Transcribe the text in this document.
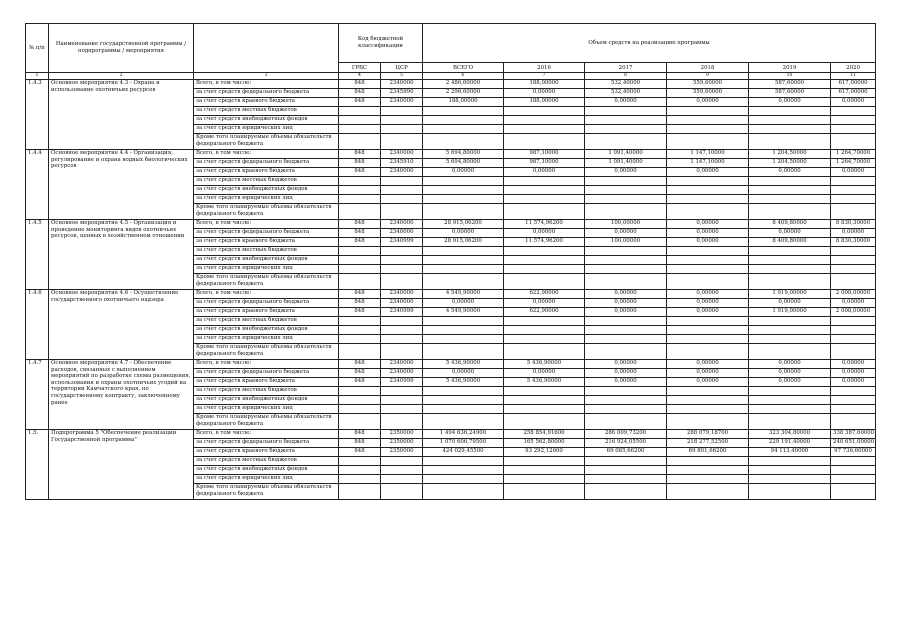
№ п/п	Наименование государственной программы / подпрограммы / мероприятия		Код бюджетной классификации		Объем средств на реализацию программы					
			ГРБС	ЦСР	ВСЕГО	2016	2017	2018	2019	2020
1	2	3	4	5	6	7	8	9	10	11
1.4.3	Основное мероприятие 4.3 - Охрана и использование охотничьих ресурсов	Всего, в том числе:	848	2340000	2 486,60000	188,00000	532,40000	559,60000	587,60000	617,00000
		за счет средств федерального бюджета	848	2345990	2 296,60000	0,00000	532,40000	559,60000	587,60000	617,00000
		за счет средств краевого бюджета	848	2340000	188,00000	188,00000	0,00000	0,00000	0,00000	0,00000
		за счет средств местных бюджетов								
		за счет средств внебюджетных фондов								
		за счет средств юридических лиц								
		Кроме того планируемые объемы обязательств федерального бюджета								
1.4.4	Основное мероприятие 4.4 - Организация, регулирование и охрана водных биологических ресурсов	Всего, в том числе:	848	2340000	5 694,80000	987,10000	1 091,40000	1 147,10000	1 204,50000	1 264,70000
		за счет средств федерального бюджета	848	2345910	5 694,80000	987,10000	1 091,40000	1 147,10000	1 204,50000	1 264,70000
		за счет средств краевого бюджета	848	2340000	0,00000	0,00000	0,00000	0,00000	0,00000	0,00000
		за счет средств местных бюджетов								
		за счет средств внебюджетных фондов								
		за счет средств юридических лиц								
		Кроме того планируемые объемы обязательств федерального бюджета								
1.4.5	Основное мероприятие 4.5 - Организация и проведение мониторинга видов охотничьих ресурсов, ценных в хозяйственном отношении	Всего, в том числе:	848	2340000	28 915,06200	11 574,96200	100,00000	0,00000	8 409,80000	8 830,30000
		за счет средств федерального бюджета	848	2340000	0,00000	0,00000	0,00000	0,00000	0,00000	0,00000
		за счет средств краевого бюджета	848	2340999	28 915,06200	11 574,96200	100,00000	0,00000	8 409,80000	8 830,30000
		за счет средств местных бюджетов								
		за счет средств внебюджетных фондов								
		за счет средств юридических лиц								
		Кроме того планируемые объемы обязательств федерального бюджета								
1.4.6	Основное мероприятие 4.6 - Осуществление государственного охотничьего надзора	Всего, в том числе:	848	2340000	4 549,90000	622,90000	0,00000	0,00000	1 919,00000	2 008,00000
		за счет средств федерального бюджета	848	2340000	0,00000	0,00000	0,00000	0,00000	0,00000	0,00000
		за счет средств краевого бюджета	848	2340999	4 549,90000	622,90000	0,00000	0,00000	1 919,00000	2 008,00000
		за счет средств местных бюджетов								
		за счет средств внебюджетных фондов								
		за счет средств юридических лиц								
		Кроме того планируемые объемы обязательств федерального бюджета								
1.4.7	Основное мероприятие 4.7 - Обеспечение расходов, связанных с выполнением мероприятий по разработке схемы размещения, использования и охраны охотничьих угодий на территории Камчатского края, по государственному контракту, заключенному ранее	Всего, в том числе:	848	2340000	5 436,90000	5 436,90000	0,00000	0,00000	0,00000	0,00000
		за счет средств федерального бюджета	848	2340000	0,00000	0,00000	0,00000	0,00000	0,00000	0,00000
		за счет средств краевого бюджета	848	2340999	5 436,90000	5 436,90000	0,00000	0,00000	0,00000	0,00000
		за счет средств местных бюджетов								
		за счет средств внебюджетных фондов								
		за счет средств юридических лиц								
		Кроме того планируемые объемы обязательств федерального бюджета								
1.5.	Подпрограмма 5 "Обеспечение реализации Государственной программы"	Всего, в том числе:	848	2350000	1 494 636,24900	258 854,91600	286 009,73200	288 079,18700	323 304,80000	338 387,60000
		за счет средств федерального бюджета	848	2350000	1 070 606,79500	165 562,80000	216 924,05500	218 277,52500	229 191,40000	240 651,00000
		за счет средств краевого бюджета	848	2350000	424 029,45500	93 292,12600	69 085,66200	69 801,66200	94 113,40000	97 736,60000
		за счет средств местных бюджетов								
		за счет средств внебюджетных фондов								
		за счет средств юридических лиц								
		Кроме того планируемые объемы обязательств федерального бюджета								
